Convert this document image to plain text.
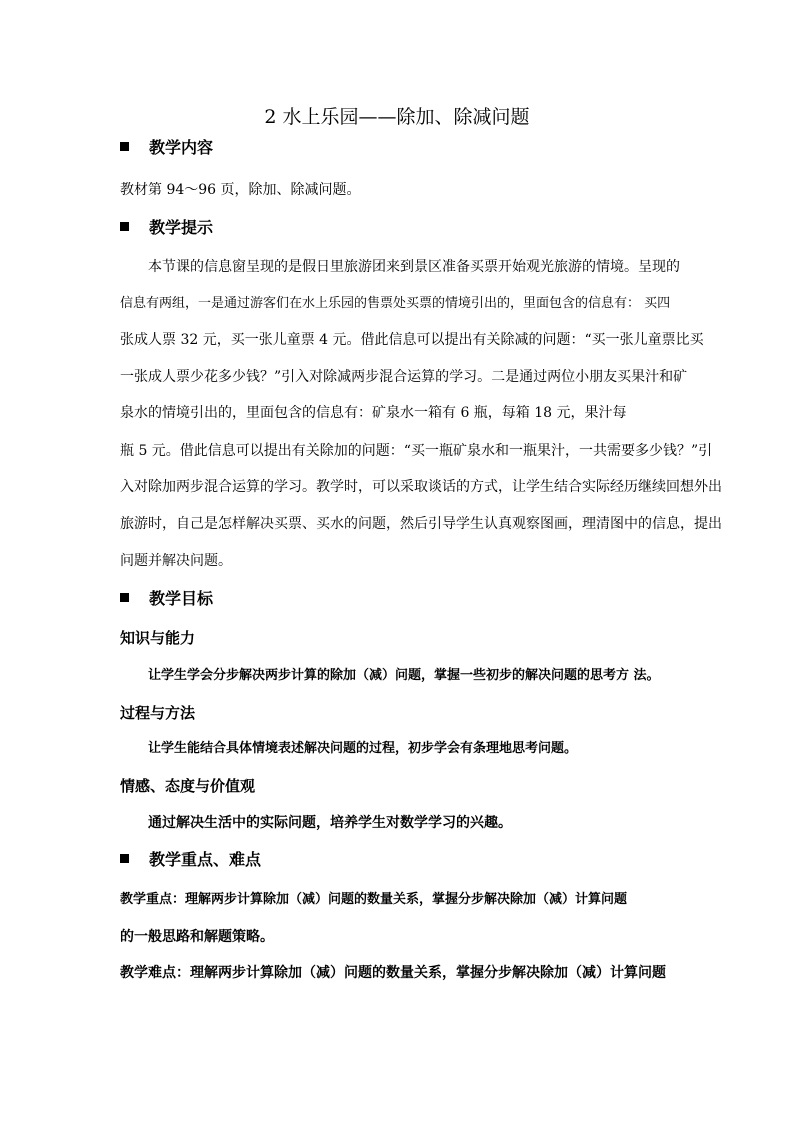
2 水上乐园——除加、除减问题
教学内容
教材第 94～96 页，除加、除减问题。
教学提示
本节课的信息窗呈现的是假日里旅游团来到景区准备买票开始观光旅游的情境。呈现的
信息有两组，一是通过游客们在水上乐园的售票处买票的情境引出的，里面包含的信息有： 买四
张成人票 32 元，买一张儿童票 4 元。借此信息可以提出有关除减的问题：“买一张儿童票比买
一张成人票少花多少钱？”引入对除减两步混合运算的学习。二是通过两位小朋友买果汁和矿
泉水的情境引出的，里面包含的信息有：矿泉水一箱有 6 瓶，每箱 18 元，果汁每
瓶 5 元。借此信息可以提出有关除加的问题：“买一瓶矿泉水和一瓶果汁，一共需要多少钱？”引
入对除加两步混合运算的学习。教学时，可以采取谈话的方式，让学生结合实际经历继续回想外出
旅游时，自己是怎样解决买票、买水的问题，然后引导学生认真观察图画，理清图中的信息，提出
问题并解决问题。
教学目标
知识与能力
让学生学会分步解决两步计算的除加（减）问题，掌握一些初步的解决问题的思考方 法。
过程与方法
让学生能结合具体情境表述解决问题的过程，初步学会有条理地思考问题。
情感、态度与价值观
通过解决生活中的实际问题，培养学生对数学学习的兴趣。
教学重点、难点
教学重点：理解两步计算除加（减）问题的数量关系，掌握分步解决除加（减）计算问题
的一般思路和解题策略。
教学难点：理解两步计算除加（减）问题的数量关系，掌握分步解决除加（减）计算问题
